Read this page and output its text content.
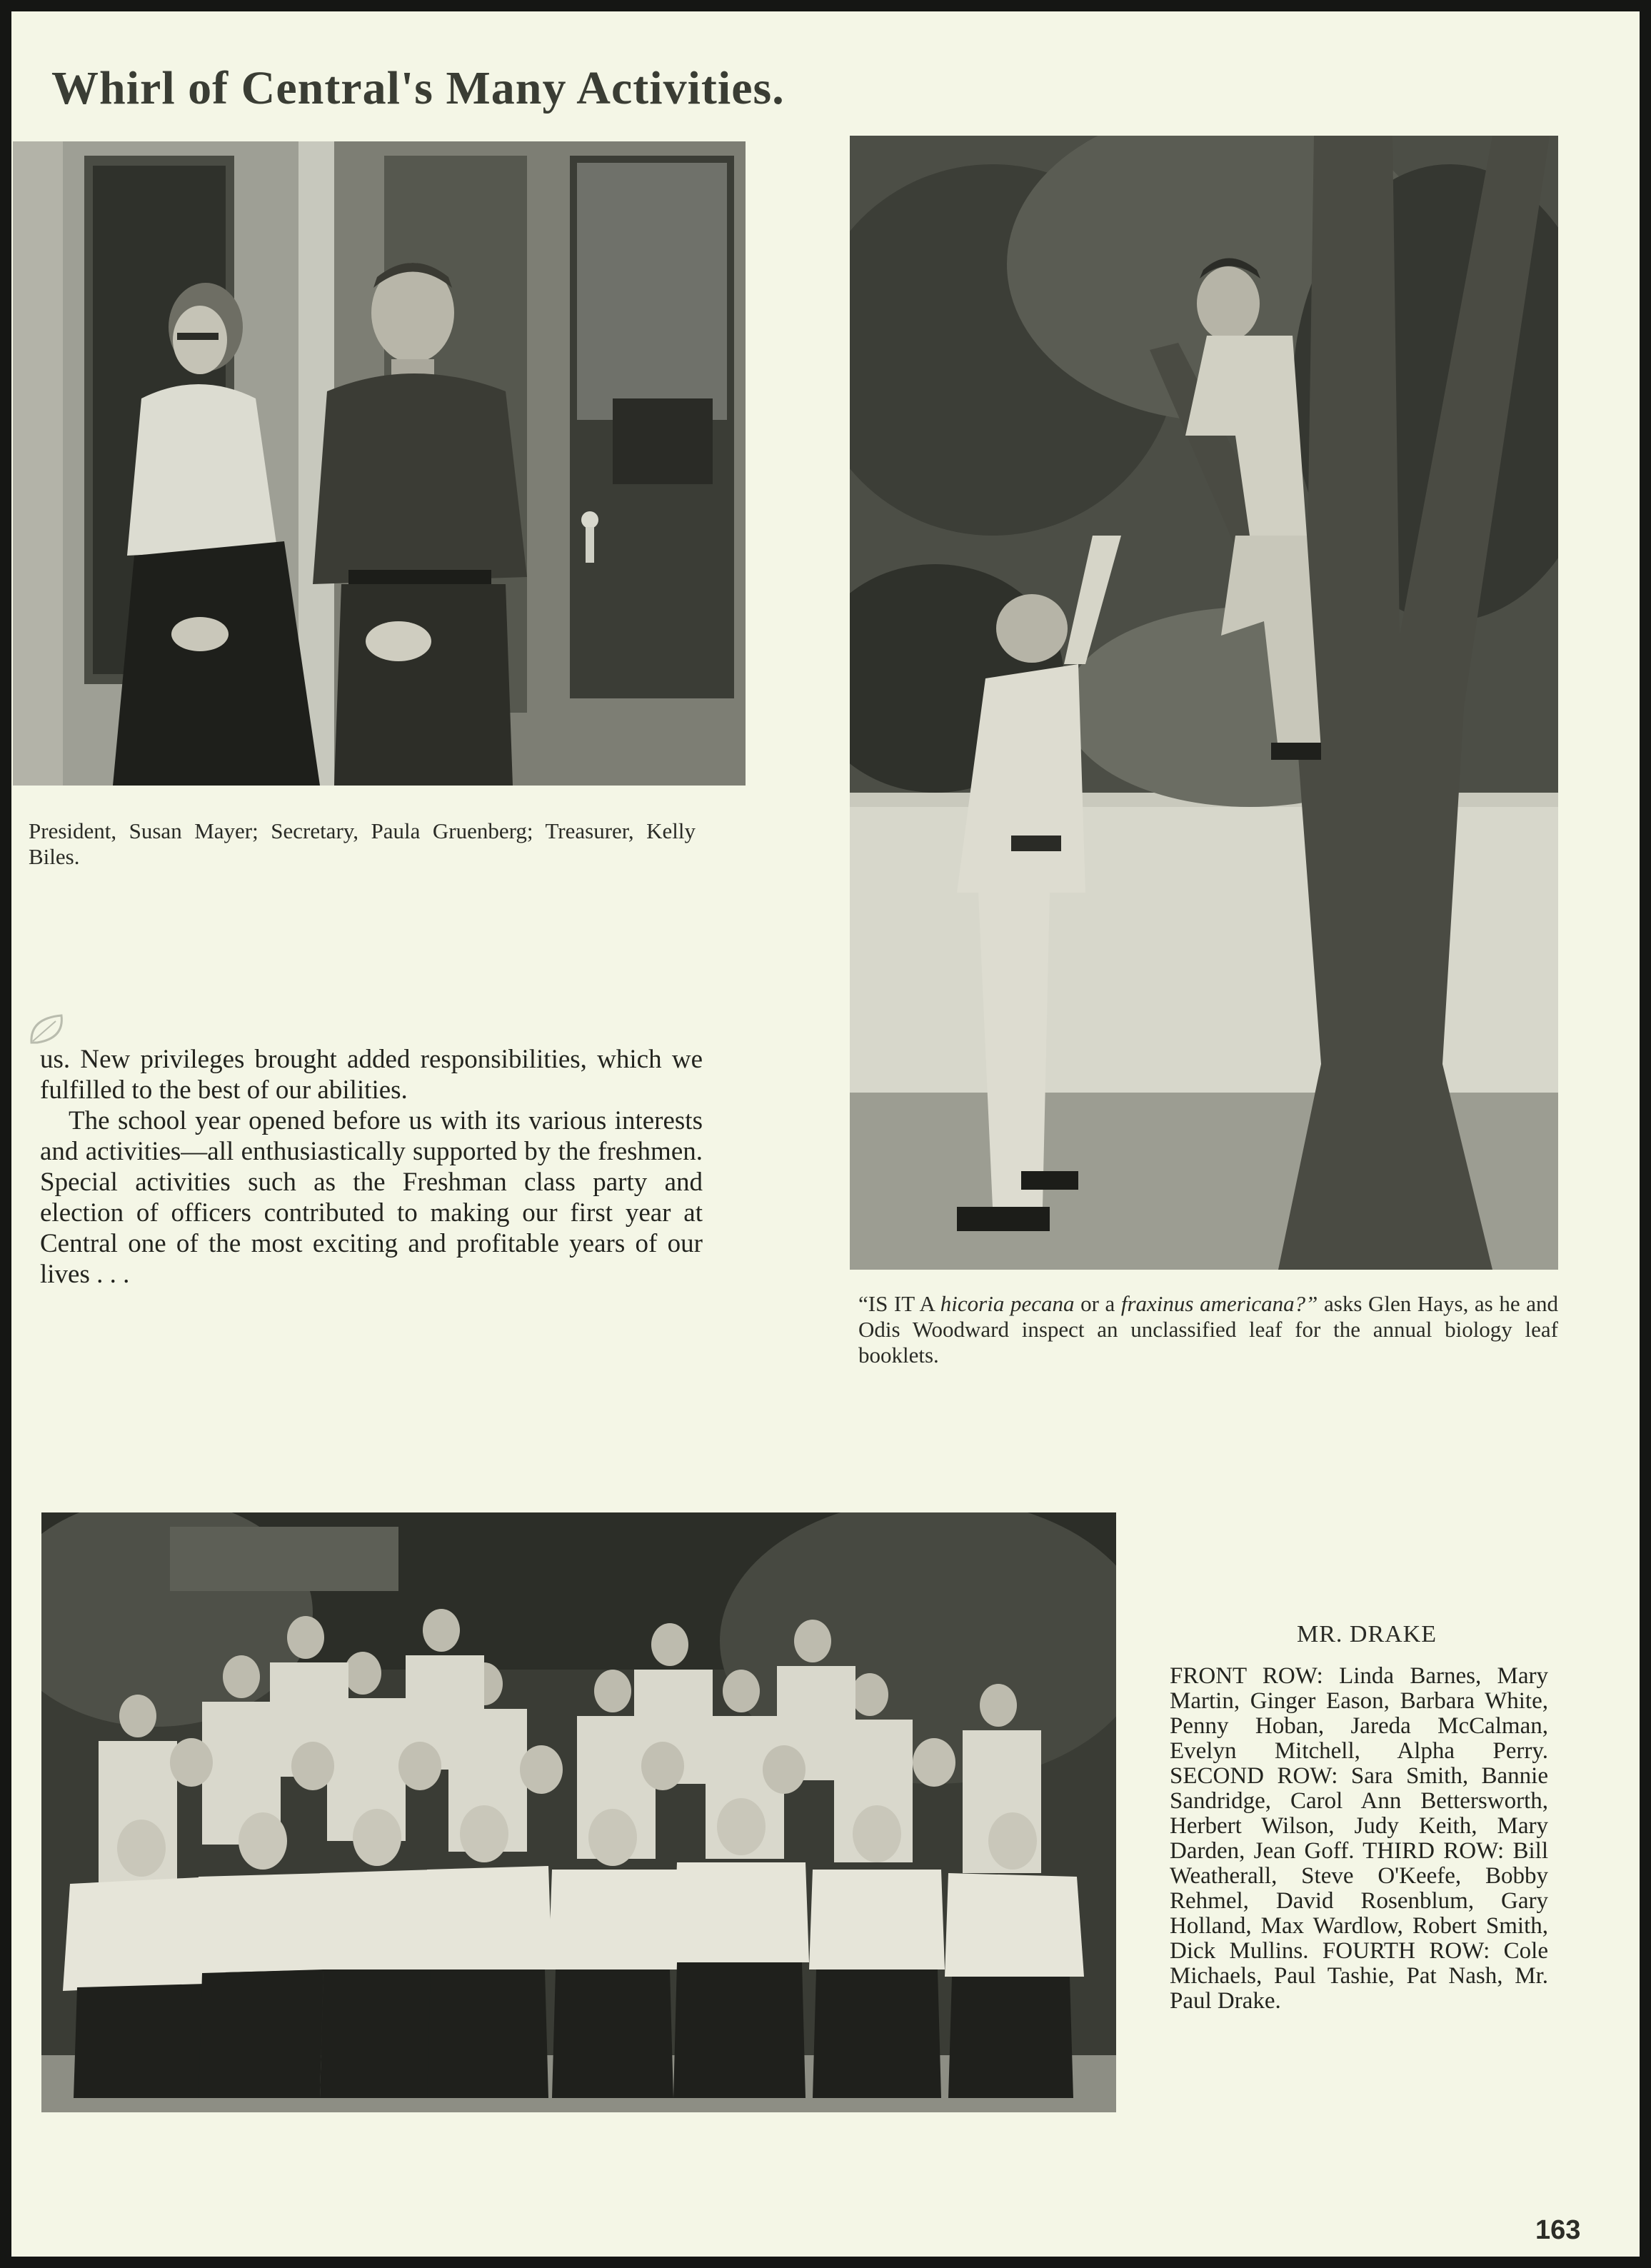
Whirl of Central's Many Activities.
President, Susan Mayer; Secretary, Paula Gruenberg; Treasurer, Kelly Biles.

us. New privileges brought added responsibilities, which we fulfilled to the best of our abilities.

The school year opened before us with its various interests and activities—all enthusiastically supported by the freshmen. Special activities such as the Freshman class party and election of officers contributed to making our first year at Central one of the most exciting and profitable years of our lives . . .

“IS IT A hicoria pecana or a fraxinus americana?” asks Glen Hays, as he and Odis Woodward inspect an unclassified leaf for the annual biology leaf booklets.
MR. DRAKE
FRONT ROW: Linda Barnes, Mary Martin, Ginger Eason, Barbara White, Penny Hoban, Jareda McCalman, Evelyn Mitchell, Alpha Perry. SECOND ROW: Sara Smith, Bannie Sandridge, Carol Ann Bettersworth, Herbert Wilson, Judy Keith, Mary Darden, Jean Goff. THIRD ROW: Bill Weatherall, Steve O'Keefe, Bobby Rehmel, David Rosenblum, Gary Holland, Max Wardlow, Robert Smith, Dick Mullins. FOURTH ROW: Cole Michaels, Paul Tashie, Pat Nash, Mr. Paul Drake.
163
